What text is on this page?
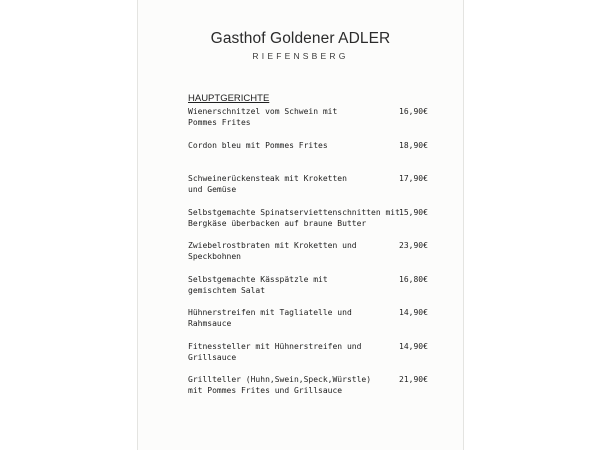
Gasthof Goldener ADLER
RIEFENSBERG
HAUPTGERICHTE
Wienerschnitzel vom Schwein mit
Pommes Frites
16,90€
Cordon bleu mit Pommes Frites	18,90€
Schweinerückensteak mit Kroketten
und Gemüse
17,90€
Selbstgemachte Spinatserviettenschnitten mit
Bergkäse überbacken auf braune Butter
15,90€
Zwiebelrostbraten mit Kroketten und
Speckbohnen
23,90€
Selbstgemachte Kässpätzle mit
gemischtem Salat
16,80€
Hühnerstreifen mit Tagliatelle und
Rahmsauce
14,90€
Fitnessteller mit Hühnerstreifen und
Grillsauce
14,90€
Grillteller (Huhn,Swein,Speck,Würstle)
mit Pommes Frites und Grillsauce
21,90€
